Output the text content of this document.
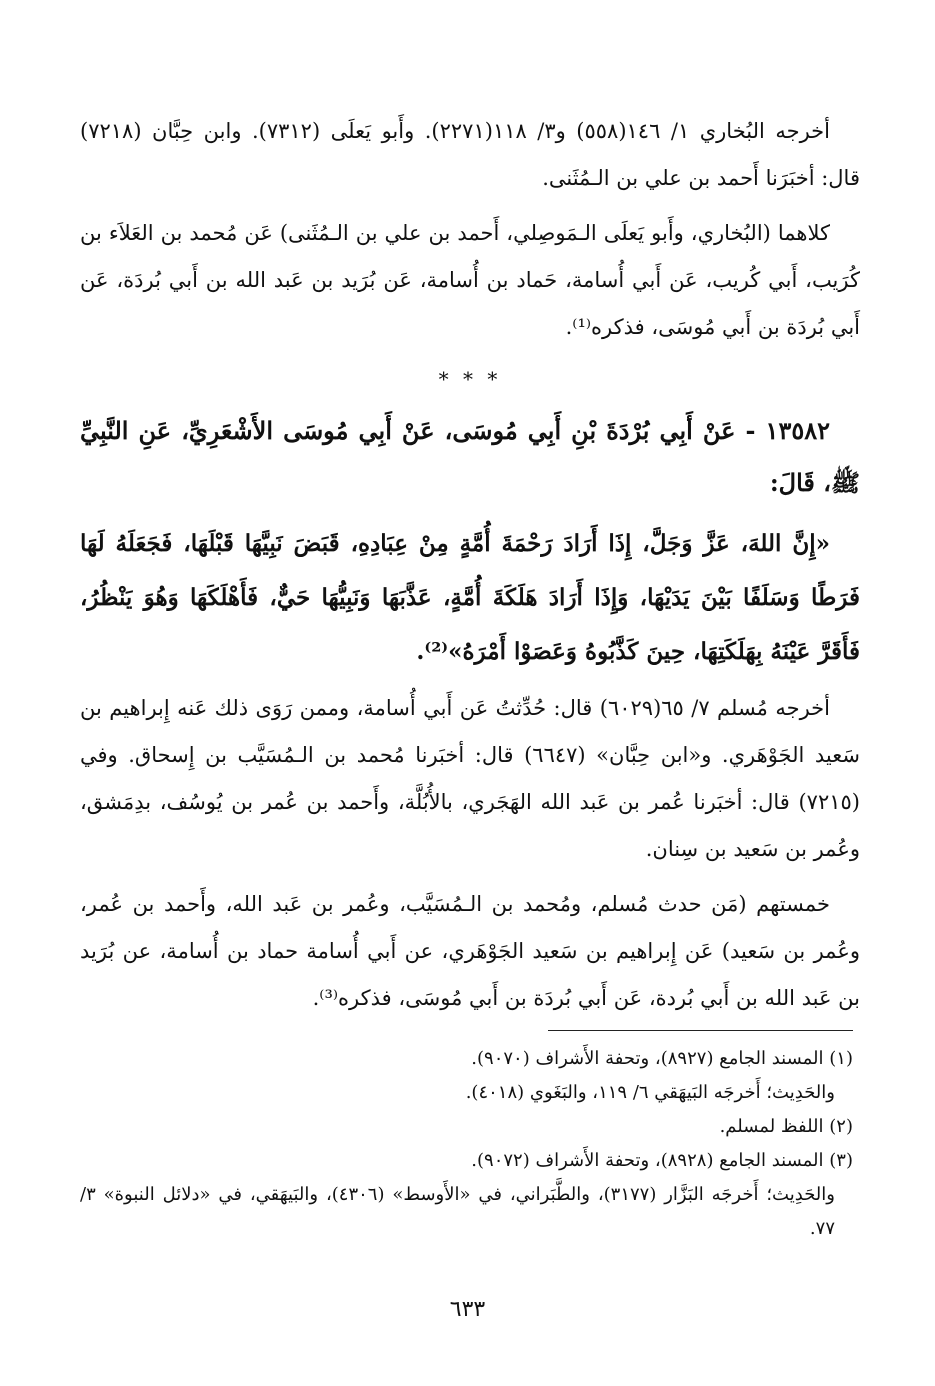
أخرجه البُخاري ١/ ١٤٦(٥٥٨) و٣/ ١١٨(٢٢٧١). وأَبو يَعلَى (٧٣١٢). وابن حِبَّان (٧٢١٨) قال: أخبَرَنا أَحمد بن علي بن الـمُثَنى.

كلاهما (البُخاري، وأَبو يَعلَى الـمَوصِلي، أَحمد بن علي بن الـمُثَنى) عَن مُحمد بن العَلاَء بن كُرَيب، أَبي كُريب، عَن أَبي أُسامة، حَماد بن أُسامة، عَن بُرَيد بن عَبد الله بن أَبي بُردَة، عَن أَبي بُردَة بن أَبي مُوسَى، فذكره⁽¹⁾.

* * *

١٣٥٨٢ - عَنْ أَبِي بُرْدَةَ بْنِ أَبِي مُوسَى، عَنْ أَبِي مُوسَى الأَشْعَرِيِّ، عَنِ النَّبِيِّ ﷺ، قَالَ:

«إِنَّ اللهَ، عَزَّ وَجَلَّ، إِذَا أَرَادَ رَحْمَةَ أُمَّةٍ مِنْ عِبَادِهِ، قَبَضَ نَبِيَّهَا قَبْلَهَا، فَجَعَلَهُ لَهَا فَرَطًا وَسَلَفًا بَيْنَ يَدَيْهَا، وَإِذَا أَرَادَ هَلَكَةَ أُمَّةٍ، عَذَّبَهَا وَنَبِيُّهَا حَيٌّ، فَأَهْلَكَهَا وَهُوَ يَنْظُرُ، فَأَقَرَّ عَيْنَهُ بِهَلَكَتِهَا، حِينَ كَذَّبُوهُ وَعَصَوْا أَمْرَهُ»⁽²⁾.

أخرجه مُسلم ٧/ ٦٥(٦٠٢٩) قال: حُدِّثتُ عَن أَبي أُسامة، وممن رَوَى ذلك عَنه إِبراهيم بن سَعيد الجَوْهَري. و«ابن حِبَّان» (٦٦٤٧) قال: أخبَرنا مُحمد بن الـمُسَيَّب بن إِسحاق. وفي (٧٢١٥) قال: أخبَرنا عُمر بن عَبد الله الهَجَري، بالأُبُلَّة، وأَحمد بن عُمر بن يُوسُف، بدِمَشق، وعُمر بن سَعيد بن سِنان.

خمستهم (مَن حدث مُسلم، ومُحمد بن الـمُسَيَّب، وعُمر بن عَبد الله، وأَحمد بن عُمر، وعُمر بن سَعيد) عَن إِبراهيم بن سَعيد الجَوْهَري، عن أَبي أُسامة حماد بن أُسامة، عن بُرَيد بن عَبد الله بن أَبي بُردة، عَن أَبي بُردَة بن أَبي مُوسَى، فذكره⁽³⁾.

(١) المسند الجامع (٨٩٢٧)، وتحفة الأَشراف (٩٠٧٠).

والحَدِيث؛ أَخرجَه البَيهَقي ٦/ ١١٩، والبَغَوي (٤٠١٨).

(٢) اللفظ لمسلم.

(٣) المسند الجامع (٨٩٢٨)، وتحفة الأَشراف (٩٠٧٢).

والحَدِيث؛ أَخرجَه البَزَّار (٣١٧٧)، والطَّبَراني، في «الأَوسط» (٤٣٠٦)، والبَيهَقي، في «دلائل النبوة» ٣/ ٧٧.

٦٣٣
